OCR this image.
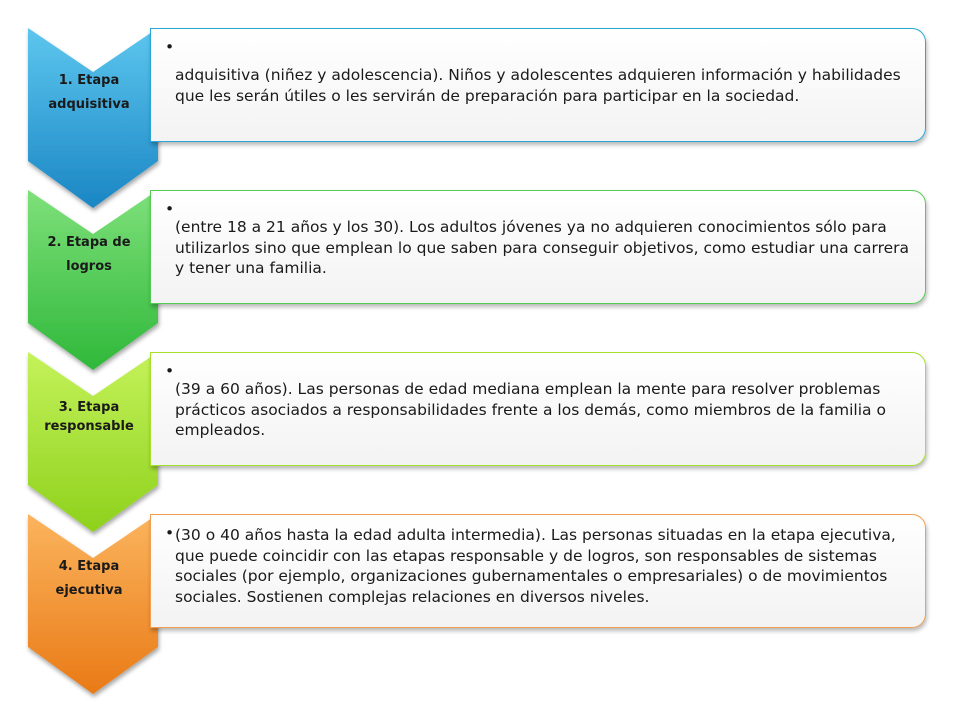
1. Etapa adquisitiva
• adquisitiva (niñez y adolescencia). Niños y adolescentes adquieren información y habilidades que les serán útiles o les servirán de preparación para participar en la sociedad.
2. Etapa de logros
• (entre 18 a 21 años y los 30). Los adultos jóvenes ya no adquieren conocimientos sólo para utilizarlos sino que emplean lo que saben para conseguir objetivos, como estudiar una carrera y tener una familia.
3. Etapa responsable
• (39 a 60 años). Las personas de edad mediana emplean la mente para resolver problemas prácticos asociados a responsabilidades frente a los demás, como miembros de la familia o empleados.
4. Etapa ejecutiva
• (30 o 40 años hasta la edad adulta intermedia). Las personas situadas en la etapa ejecutiva, que puede coincidir con las etapas responsable y de logros, son responsables de sistemas sociales (por ejemplo, organizaciones gubernamentales o empresariales) o de movimientos sociales. Sostienen complejas relaciones en diversos niveles.
